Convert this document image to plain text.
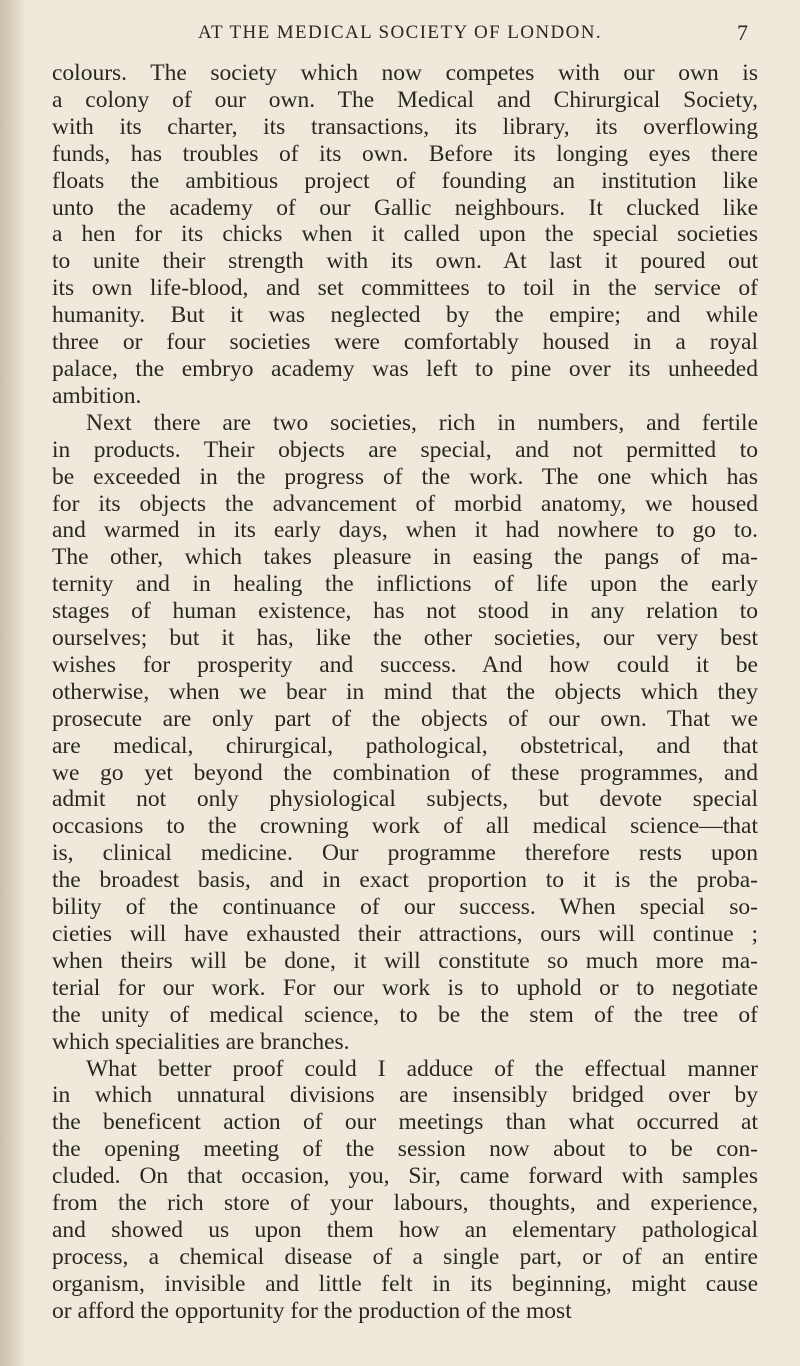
AT THE MEDICAL SOCIETY OF LONDON.	7

colours. The society which now competes with our own is
a colony of our own. The Medical and Chirurgical Society,
with its charter, its transactions, its library, its overflowing
funds, has troubles of its own. Before its longing eyes there
floats the ambitious project of founding an institution like
unto the academy of our Gallic neighbours. It clucked like
a hen for its chicks when it called upon the special societies
to unite their strength with its own. At last it poured out
its own life-blood, and set committees to toil in the service of
humanity. But it was neglected by the empire; and while
three or four societies were comfortably housed in a royal
palace, the embryo academy was left to pine over its unheeded
ambition.

Next there are two societies, rich in numbers, and fertile
in products. Their objects are special, and not permitted to
be exceeded in the progress of the work. The one which has
for its objects the advancement of morbid anatomy, we housed
and warmed in its early days, when it had nowhere to go to.
The other, which takes pleasure in easing the pangs of ma-
ternity and in healing the inflictions of life upon the early
stages of human existence, has not stood in any relation to
ourselves; but it has, like the other societies, our very best
wishes for prosperity and success. And how could it be
otherwise, when we bear in mind that the objects which they
prosecute are only part of the objects of our own. That we
are medical, chirurgical, pathological, obstetrical, and that
we go yet beyond the combination of these programmes, and
admit not only physiological subjects, but devote special
occasions to the crowning work of all medical science—that
is, clinical medicine. Our programme therefore rests upon
the broadest basis, and in exact proportion to it is the proba-
bility of the continuance of our success. When special so-
cieties will have exhausted their attractions, ours will continue ;
when theirs will be done, it will constitute so much more ma-
terial for our work. For our work is to uphold or to negotiate
the unity of medical science, to be the stem of the tree of
which specialities are branches.

What better proof could I adduce of the effectual manner
in which unnatural divisions are insensibly bridged over by
the beneficent action of our meetings than what occurred at
the opening meeting of the session now about to be con-
cluded. On that occasion, you, Sir, came forward with samples
from the rich store of your labours, thoughts, and experience,
and showed us upon them how an elementary pathological
process, a chemical disease of a single part, or of an entire
organism, invisible and little felt in its beginning, might cause
or afford the opportunity for the production of the most
